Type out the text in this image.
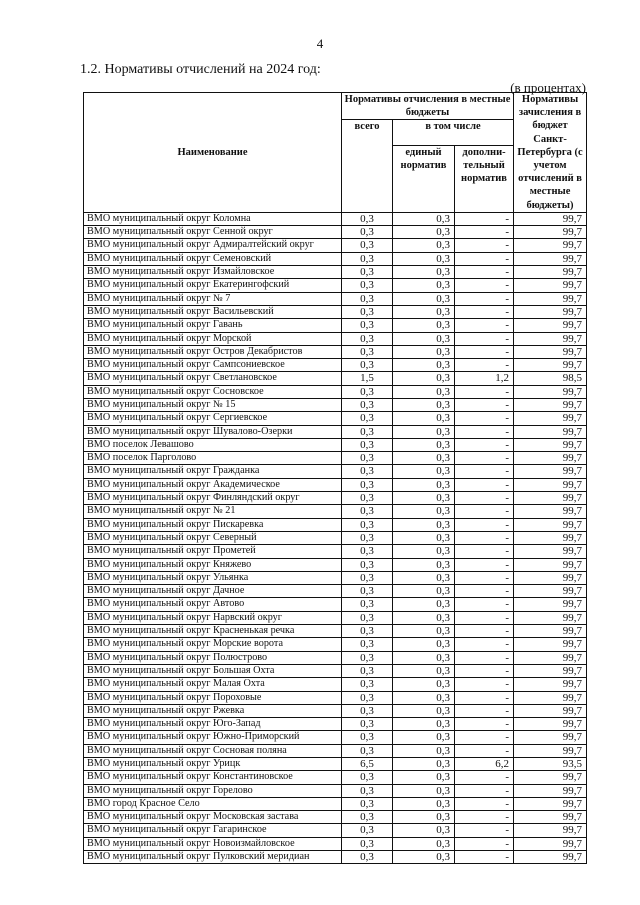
4
1.2. Нормативы отчислений на 2024 год:
(в процентах)
Наименование	Нормативы отчисления в местные бюджеты			Нормативы зачисления в бюджет Санкт-Петербурга (с учетом отчислений в местные бюджеты)
	всего	в том числе		
		единый норматив	дополни-тельный норматив	
ВМО муниципальный округ Коломна	0,3	0,3	-	99,7
ВМО муниципальный округ Сенной округ	0,3	0,3	-	99,7
ВМО муниципальный округ Адмиралтейский округ	0,3	0,3	-	99,7
ВМО муниципальный округ Семеновский	0,3	0,3	-	99,7
ВМО муниципальный округ Измайловское	0,3	0,3	-	99,7
ВМО муниципальный округ Екатерингофский	0,3	0,3	-	99,7
ВМО муниципальный округ № 7	0,3	0,3	-	99,7
ВМО муниципальный округ Васильевский	0,3	0,3	-	99,7
ВМО муниципальный округ Гавань	0,3	0,3	-	99,7
ВМО муниципальный округ Морской	0,3	0,3	-	99,7
ВМО муниципальный округ Остров Декабристов	0,3	0,3	-	99,7
ВМО муниципальный округ Сампсониевское	0,3	0,3	-	99,7
ВМО муниципальный округ Светлановское	1,5	0,3	1,2	98,5
ВМО муниципальный округ Сосновское	0,3	0,3	-	99,7
ВМО муниципальный округ № 15	0,3	0,3	-	99,7
ВМО муниципальный округ Сергиевское	0,3	0,3	-	99,7
ВМО муниципальный округ Шувалово-Озерки	0,3	0,3	-	99,7
ВМО поселок Левашово	0,3	0,3	-	99,7
ВМО поселок Парголово	0,3	0,3	-	99,7
ВМО муниципальный округ Гражданка	0,3	0,3	-	99,7
ВМО муниципальный округ Академическое	0,3	0,3	-	99,7
ВМО муниципальный округ Финляндский округ	0,3	0,3	-	99,7
ВМО муниципальный округ № 21	0,3	0,3	-	99,7
ВМО муниципальный округ Пискаревка	0,3	0,3	-	99,7
ВМО муниципальный округ Северный	0,3	0,3	-	99,7
ВМО муниципальный округ Прометей	0,3	0,3	-	99,7
ВМО муниципальный округ Княжево	0,3	0,3	-	99,7
ВМО муниципальный округ Ульянка	0,3	0,3	-	99,7
ВМО муниципальный округ Дачное	0,3	0,3	-	99,7
ВМО муниципальный округ Автово	0,3	0,3	-	99,7
ВМО муниципальный округ Нарвский округ	0,3	0,3	-	99,7
ВМО муниципальный округ Красненькая речка	0,3	0,3	-	99,7
ВМО муниципальный округ Морские ворота	0,3	0,3	-	99,7
ВМО муниципальный округ Полюстрово	0,3	0,3	-	99,7
ВМО муниципальный округ Большая Охта	0,3	0,3	-	99,7
ВМО муниципальный округ Малая Охта	0,3	0,3	-	99,7
ВМО муниципальный округ Пороховые	0,3	0,3	-	99,7
ВМО муниципальный округ Ржевка	0,3	0,3	-	99,7
ВМО муниципальный округ Юго-Запад	0,3	0,3	-	99,7
ВМО муниципальный округ Южно-Приморский	0,3	0,3	-	99,7
ВМО муниципальный округ Сосновая поляна	0,3	0,3	-	99,7
ВМО муниципальный округ Урицк	6,5	0,3	6,2	93,5
ВМО муниципальный округ Константиновское	0,3	0,3	-	99,7
ВМО муниципальный округ Горелово	0,3	0,3	-	99,7
ВМО город Красное Село	0,3	0,3	-	99,7
ВМО муниципальный округ Московская застава	0,3	0,3	-	99,7
ВМО муниципальный округ Гагаринское	0,3	0,3	-	99,7
ВМО муниципальный округ Новоизмайловское	0,3	0,3	-	99,7
ВМО муниципальный округ Пулковский меридиан	0,3	0,3	-	99,7
